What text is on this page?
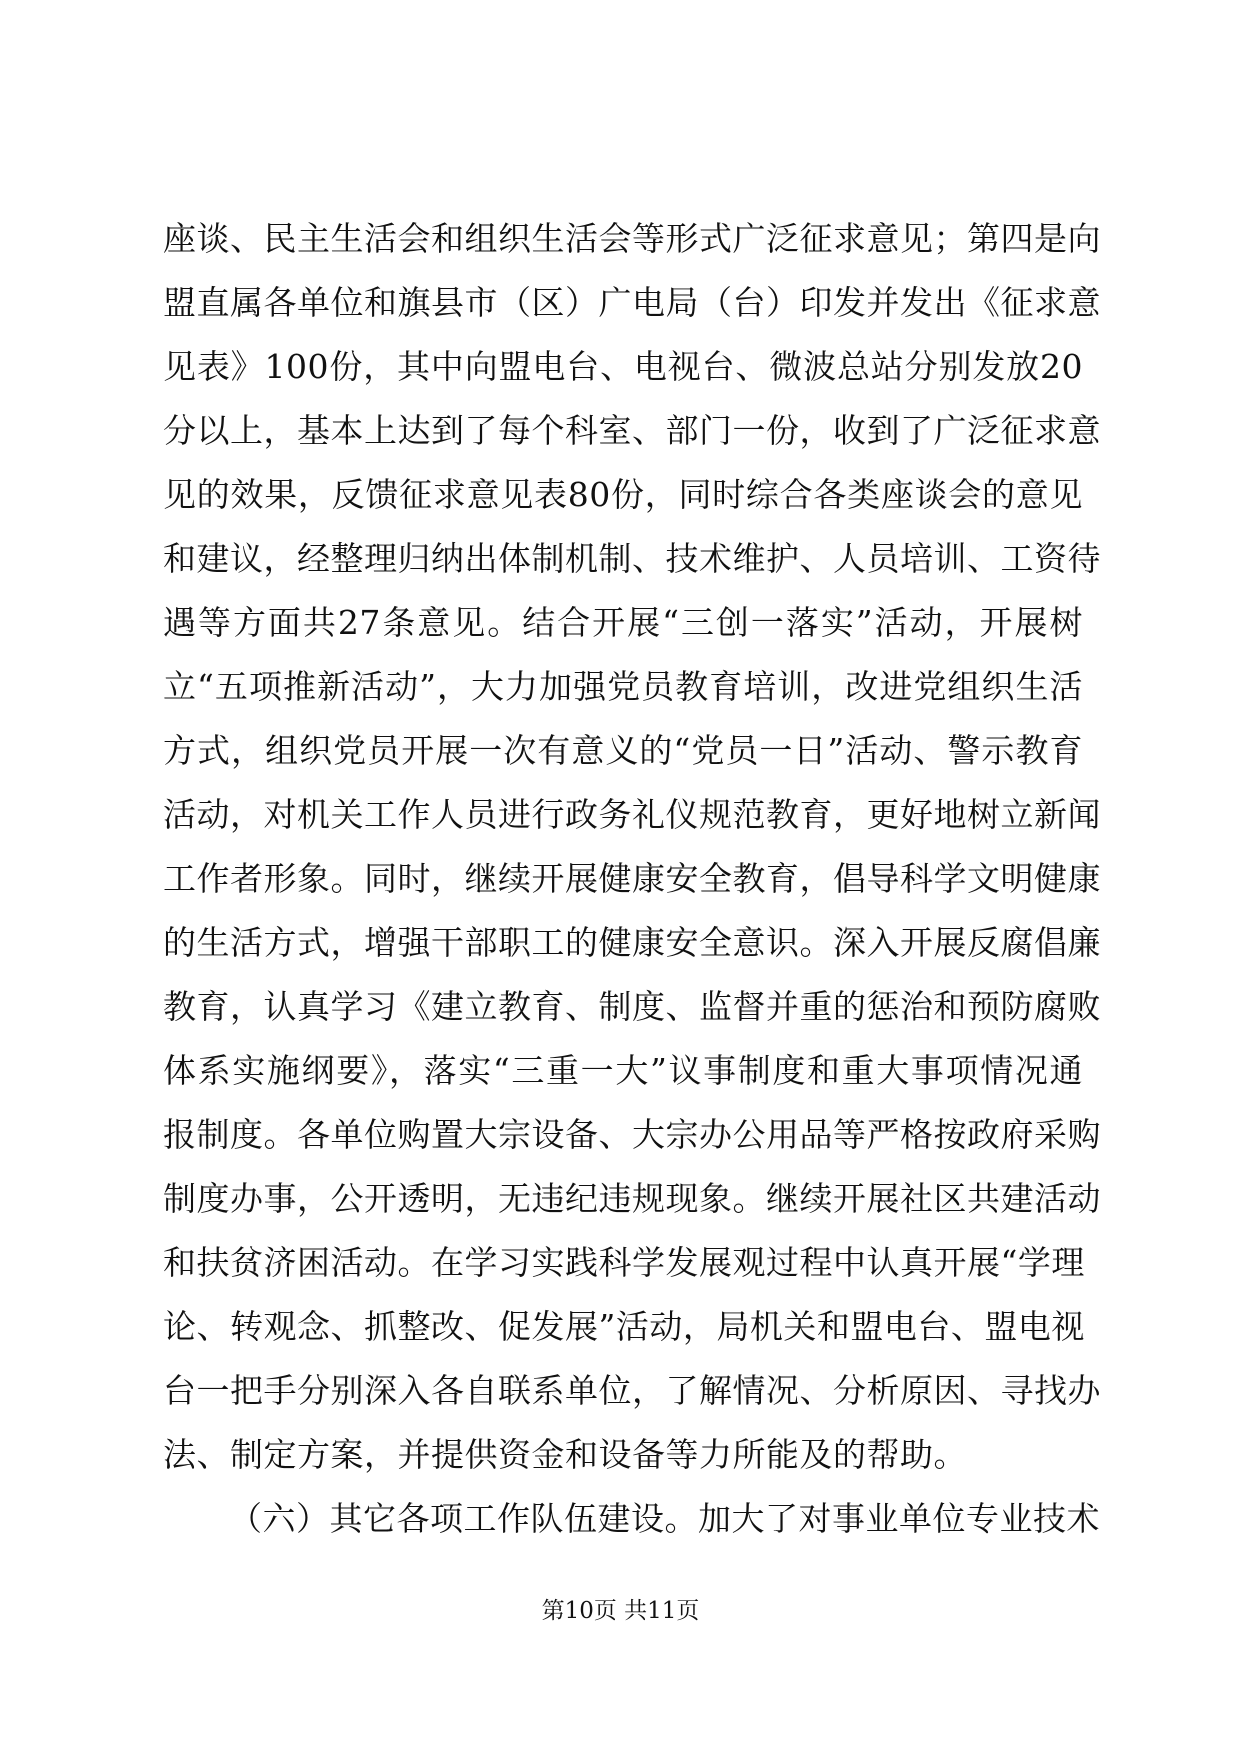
座谈、民主生活会和组织生活会等形式广泛征求意见；第四是向
盟直属各单位和旗县市（区）广电局（台）印发并发出《征求意
见表》100份，其中向盟电台、电视台、微波总站分别发放20
分以上，基本上达到了每个科室、部门一份，收到了广泛征求意
见的效果，反馈征求意见表80份，同时综合各类座谈会的意见
和建议，经整理归纳出体制机制、技术维护、人员培训、工资待
遇等方面共27条意见。结合开展“三创一落实”活动，开展树
立“五项推新活动”，大力加强党员教育培训，改进党组织生活
方式，组织党员开展一次有意义的“党员一日”活动、警示教育
活动，对机关工作人员进行政务礼仪规范教育，更好地树立新闻
工作者形象。同时，继续开展健康安全教育，倡导科学文明健康
的生活方式，增强干部职工的健康安全意识。深入开展反腐倡廉
教育，认真学习《建立教育、制度、监督并重的惩治和预防腐败
体系实施纲要》，落实“三重一大”议事制度和重大事项情况通
报制度。各单位购置大宗设备、大宗办公用品等严格按政府采购
制度办事，公开透明，无违纪违规现象。继续开展社区共建活动
和扶贫济困活动。在学习实践科学发展观过程中认真开展“学理
论、转观念、抓整改、促发展”活动，局机关和盟电台、盟电视
台一把手分别深入各自联系单位，了解情况、分析原因、寻找办
法、制定方案，并提供资金和设备等力所能及的帮助。
（六）其它各项工作队伍建设。加大了对事业单位专业技术
第10页 共11页
